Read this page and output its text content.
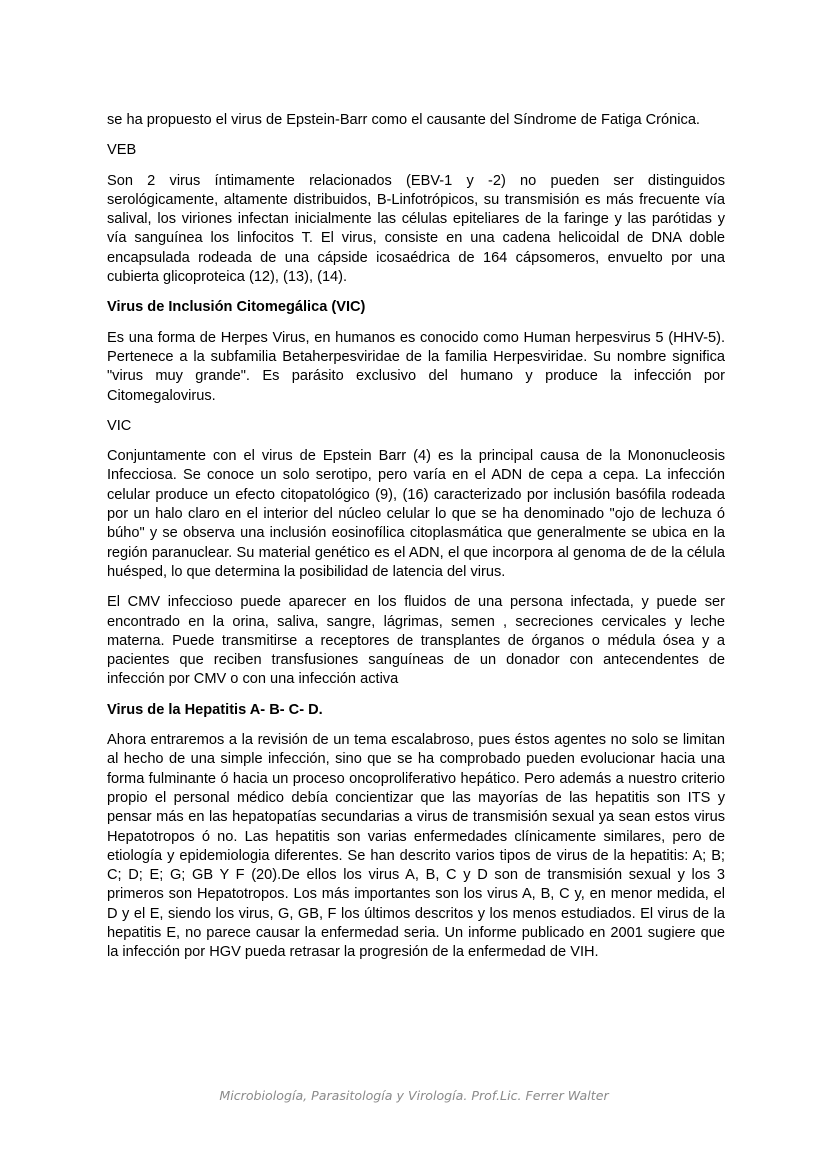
se ha propuesto el virus de Epstein-Barr como el causante del Síndrome de Fatiga Crónica.

VEB

Son 2 virus íntimamente relacionados (EBV-1 y -2) no pueden ser distinguidos serológicamente, altamente distribuidos, B-Linfotrópicos, su transmisión es más frecuente vía salival, los viriones infectan inicialmente las células epiteliares de la faringe y las parótidas y vía sanguínea los linfocitos T. El virus, consiste en una cadena helicoidal de DNA doble encapsulada rodeada de una cápside icosaédrica de 164 cápsomeros, envuelto por una cubierta glicoproteica (12), (13), (14).

Virus de Inclusión Citomegálica (VIC)

Es una forma de Herpes Virus, en humanos es conocido como Human herpesvirus 5 (HHV-5). Pertenece a la subfamilia Betaherpesviridae de la familia Herpesviridae. Su nombre significa "virus muy grande". Es parásito exclusivo del humano y produce la infección por Citomegalovirus.

VIC

Conjuntamente con el virus de Epstein Barr (4) es la principal causa de la Mononucleosis Infecciosa. Se conoce un solo serotipo, pero varía en el ADN de cepa a cepa. La infección celular produce un efecto citopatológico (9), (16) caracterizado por inclusión basófila rodeada por un halo claro en el interior del núcleo celular lo que se ha denominado "ojo de lechuza ó búho" y se observa una inclusión eosinofílica citoplasmática que generalmente se ubica en la región paranuclear. Su material genético es el ADN, el que incorpora al genoma de de la célula huésped, lo que determina la posibilidad de latencia del virus.

El CMV infeccioso puede aparecer en los fluidos de una persona infectada, y puede ser encontrado en la orina, saliva, sangre, lágrimas, semen , secreciones cervicales y leche materna. Puede transmitirse a receptores de transplantes de órganos o médula ósea y a pacientes que reciben transfusiones sanguíneas de un donador con antecendentes de infección por CMV o con una infección activa

Virus de la Hepatitis A- B- C- D.

Ahora entraremos a la revisión de un tema escalabroso, pues éstos agentes no solo se limitan al hecho de una simple infección, sino que se ha comprobado pueden evolucionar hacia una forma fulminante ó hacia un proceso oncoproliferativo hepático. Pero además a nuestro criterio propio el personal médico debía concientizar que las mayorías de las hepatitis son ITS y pensar más en las hepatopatías secundarias a virus de transmisión sexual ya sean estos virus Hepatotropos ó no. Las hepatitis son varias enfermedades clínicamente similares, pero de etiología y epidemiologia diferentes. Se han descrito varios tipos de virus de la hepatitis: A; B; C; D; E; G; GB Y F (20).De ellos los virus A, B, C y D son de transmisión sexual y los 3 primeros son Hepatotropos. Los más importantes son los virus A, B, C y, en menor medida, el D y el E, siendo los virus, G, GB, F los últimos descritos y los menos estudiados. El virus de la hepatitis E, no parece causar la enfermedad seria. Un informe publicado en 2001 sugiere que la infección por HGV pueda retrasar la progresión de la enfermedad de VIH.

Microbiología, Parasitología y Virología. Prof.Lic. Ferrer Walter
